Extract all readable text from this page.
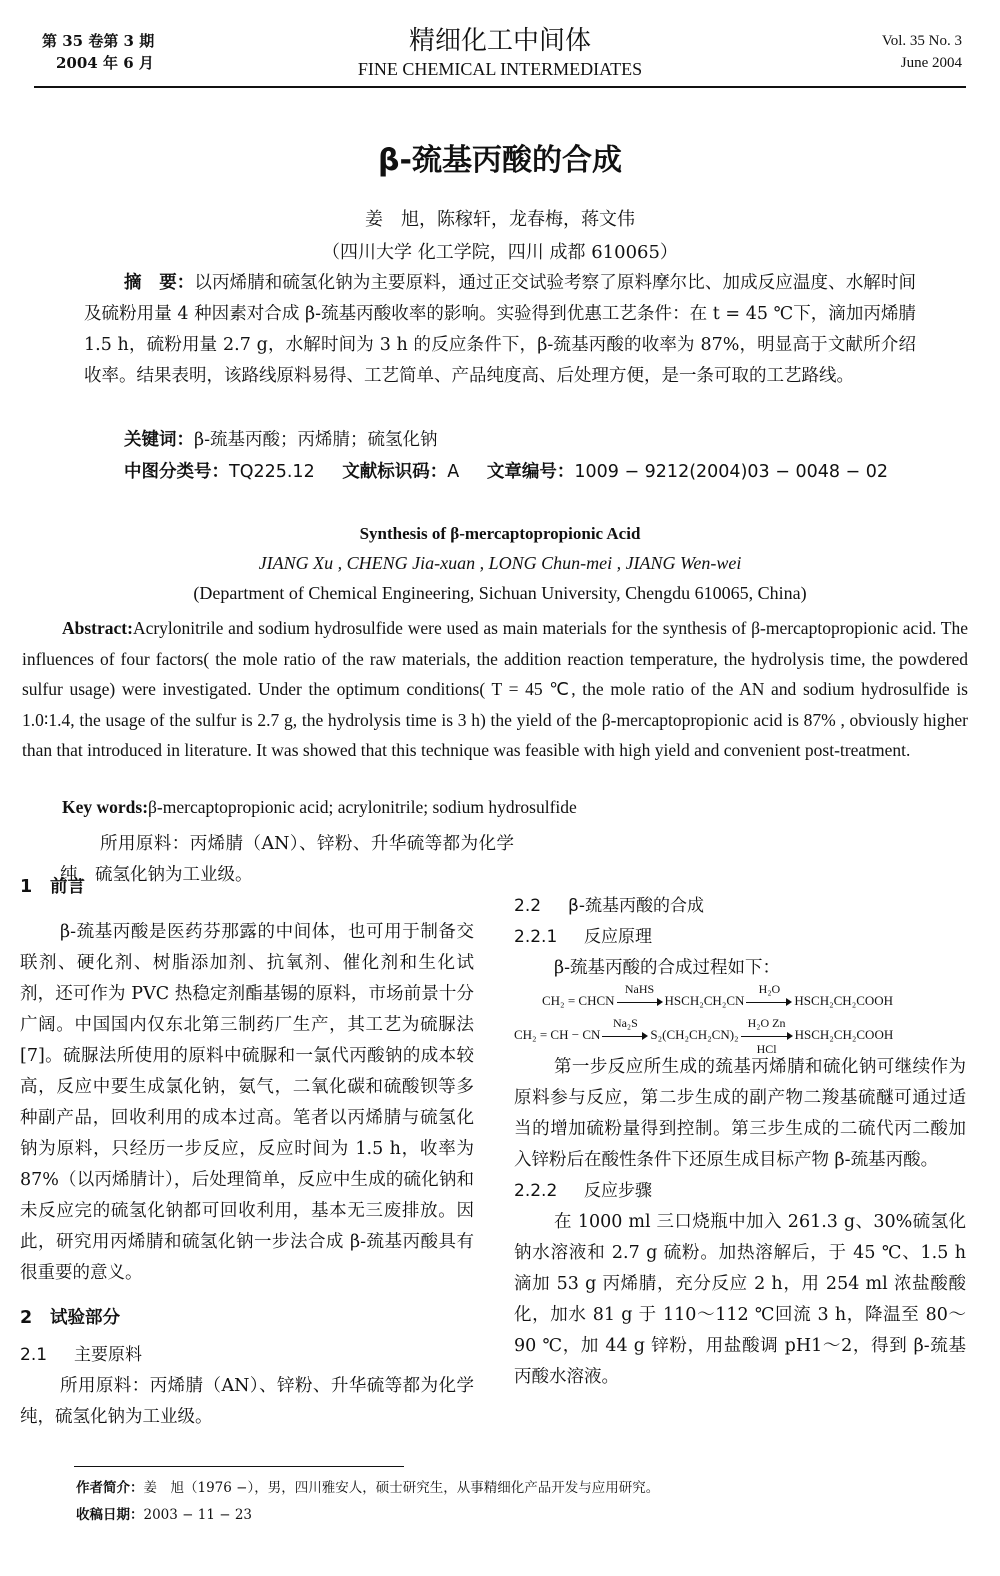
第 35 卷第 3 期
2004 年 6 月
精细化工中间体
FINE CHEMICAL INTERMEDIATES
Vol. 35 No. 3
June 2004
β-巯基丙酸的合成
姜　旭，陈稼轩，龙春梅，蒋文伟
（四川大学 化工学院，四川 成都 610065）

摘　要：以丙烯腈和硫氢化钠为主要原料，通过正交试验考察了原料摩尔比、加成反应温度、水解时间及硫粉用量 4 种因素对合成 β-巯基丙酸收率的影响。实验得到优惠工艺条件：在 t = 45 ℃下，滴加丙烯腈 1.5 h，硫粉用量 2.7 g，水解时间为 3 h 的反应条件下，β-巯基丙酸的收率为 87%，明显高于文献所介绍收率。结果表明，该路线原料易得、工艺简单、产品纯度高、后处理方便，是一条可取的工艺路线。

关键词：β-巯基丙酸；丙烯腈；硫氢化钠
中图分类号：TQ225.12 文献标识码：A 文章编号：1009 − 9212(2004)03 − 0048 − 02
Synthesis of β-mercaptopropionic Acid
JIANG Xu , CHENG Jia-xuan , LONG Chun-mei , JIANG Wen-wei
(Department of Chemical Engineering, Sichuan University, Chengdu 610065, China)

Abstract:Acrylonitrile and sodium hydrosulfide were used as main materials for the synthesis of β-mercaptopropionic acid. The influences of four factors( the mole ratio of the raw materials, the addition reaction temperature, the hydrolysis time, the powdered sulfur usage) were investigated. Under the optimum conditions( T = 45 ℃, the mole ratio of the AN and sodium hydrosulfide is 1.0∶1.4, the usage of the sulfur is 2.7 g, the hydrolysis time is 3 h) the yield of the β-mercaptopropionic acid is 87% , obviously higher than that introduced in literature. It was showed that this technique was feasible with high yield and convenient post-treatment.

Key words:β-mercaptopropionic acid; acrylonitrile; sodium hydrosulfide
1 前言

β-巯基丙酸是医药芬那露的中间体，也可用于制备交联剂、硬化剂、树脂添加剂、抗氧剂、催化剂和生化试剂，还可作为 PVC 热稳定剂酯基锡的原料，市场前景十分广阔。中国国内仅东北第三制药厂生产，其工艺为硫脲法[7]。硫脲法所使用的原料中硫脲和一氯代丙酸钠的成本较高，反应中要生成氯化钠，氨气，二氧化碳和硫酸钡等多种副产品，回收利用的成本过高。笔者以丙烯腈与硫氢化钠为原料，只经历一步反应，反应时间为 1.5 h，收率为 87%（以丙烯腈计），后处理简单，反应中生成的硫化钠和未反应完的硫氢化钠都可回收利用，基本无三废排放。因此，研究用丙烯腈和硫氢化钠一步法合成 β-巯基丙酸具有很重要的意义。

2 试验部分
2.1 主要原料

所用原料：丙烯腈（AN）、锌粉、升华硫等都为化学纯，硫氢化钠为工业级。

所用原料：丙烯腈（AN）、锌粉、升华硫等都为化学纯，硫氢化钠为工业级。
2.2 β-巯基丙酸的合成
2.2.1 反应原理

β-巯基丙酸的合成过程如下：

CH₂ = CHCN
NaHS
HSCH₂CH₂CN
H₂O
HSCH₂CH₂COOH
CH₂ = CH − CN
Na₂S
S₂(CH₂CH₂CN)₂
H₂O Zn
HCl
HSCH₂CH₂COOH

第一步反应所生成的巯基丙烯腈和硫化钠可继续作为原料参与反应，第二步生成的副产物二羧基硫醚可通过适当的增加硫粉量得到控制。第三步生成的二硫代丙二酸加入锌粉后在酸性条件下还原生成目标产物 β-巯基丙酸。

2.2.2 反应步骤

在 1000 ml 三口烧瓶中加入 261.3 g、30%硫氢化钠水溶液和 2.7 g 硫粉。加热溶解后，于 45 ℃、1.5 h 滴加 53 g 丙烯腈，充分反应 2 h，用 254 ml 浓盐酸酸化，加水 81 g 于 110～112 ℃回流 3 h，降温至 80～90 ℃，加 44 g 锌粉，用盐酸调 pH1～2，得到 β-巯基丙酸水溶液。

作者简介：姜　旭（1976 −），男，四川雅安人，硕士研究生，从事精细化产品开发与应用研究。
收稿日期：2003 − 11 − 23
